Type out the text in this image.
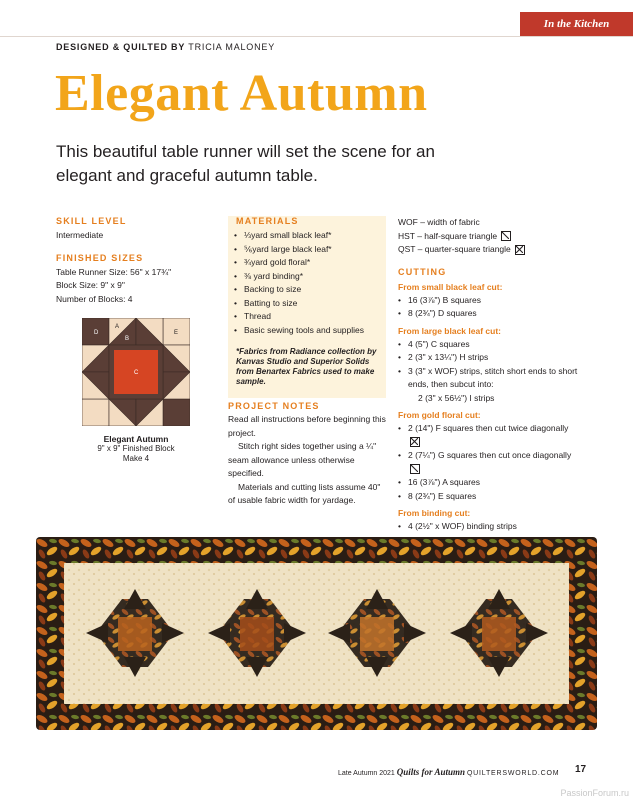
In the Kitchen
DESIGNED & QUILTED BY TRICIA MALONEY
Elegant Autumn
This beautiful table runner will set the scene for an elegant and graceful autumn table.
SKILL LEVEL
Intermediate
FINISHED SIZES
Table Runner Size: 56" x 17¾"
Block Size: 9" x 9"
Number of Blocks: 4
D
A
B
E
C
Elegant Autumn
9" x 9" Finished Block
Make 4
MATERIALS
• ⅓yard small black leaf*
• ⅚yard large black leaf*
• ¾yard gold floral*
• ⅜ yard binding*
• Backing to size
• Batting to size
• Thread
• Basic sewing tools and supplies
*Fabrics from Radiance collection by Kanvas Studio and Superior Solids from Benartex Fabrics used to make sample.
PROJECT NOTES
Read all instructions before beginning this project.
Stitch right sides together using a ¼" seam allowance unless otherwise specified.
Materials and cutting lists assume 40" of usable fabric width for yardage.
WOF – width of fabric
HST – half-square triangle
QST – quarter-square triangle
CUTTING
From small black leaf cut:
• 16 (3⅞") B squares
• 8 (2¾") D squares
From large black leaf cut:
• 4 (5") C squares
• 2 (3" x 13¼") H strips
• 3 (3" x WOF) strips, stitch short ends to short ends, then subcut into:
2 (3" x 56½") I strips
From gold floral cut:
• 2 (14") F squares then cut twice diagonally
• 2 (7¼") G squares then cut once diagonally
• 16 (3⅞") A squares
• 8 (2¾") E squares
From binding cut:
• 4 (2½" x WOF) binding strips
Late Autumn 2021 Quilts for Autumn QUILTERSWORLD.COM 17
PassionForum.ru
